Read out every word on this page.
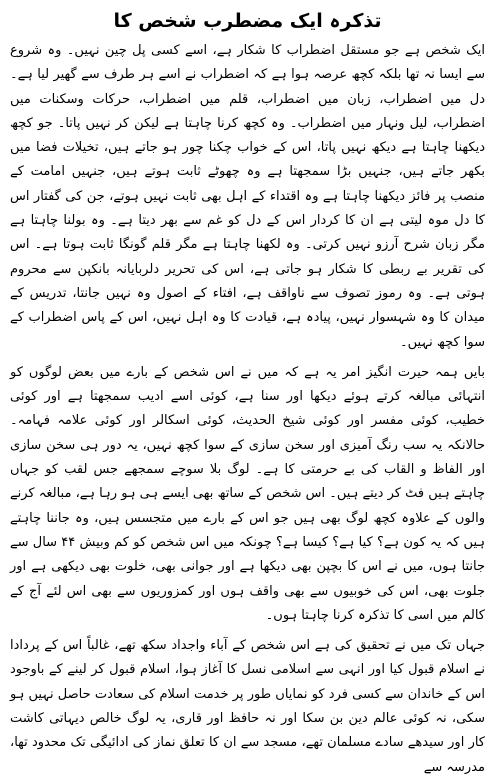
تذکرہ ایک مضطرب شخص کا

ایک شخص ہے جو مستقل اضطراب کا شکار ہے، اسے کسی پل چین نہیں۔ وہ شروع سے ایسا نہ تھا بلکہ کچھ عرصہ ہوا ہے کہ اضطراب نے اسے ہر طرف سے گھیر لیا ہے۔ دل میں اضطراب، زبان میں اضطراب، قلم میں اضطراب، حرکات وسکنات میں اضطراب، لیل ونہار میں اضطراب۔ وہ کچھ کرنا چاہتا ہے لیکن کر نہیں پاتا۔ جو کچھ دیکھنا چاہتا ہے دیکھ نہیں پاتا، اس کے خواب چکنا چور ہو جاتے ہیں، تخیلات فضا میں بکھر جاتے ہیں، جنہیں بڑا سمجھتا ہے وہ چھوٹے ثابت ہوتے ہیں، جنہیں امامت کے منصب پر فائز دیکھنا چاہتا ہے وہ اقتداء کے اہل بھی ثابت نہیں ہوتے، جن کی گفتار اس کا دل موہ لیتی ہے ان کا کردار اس کے دل کو غم سے بھر دیتا ہے۔ وہ بولنا چاہتا ہے مگر زبان شرح آرزو نہیں کرتی۔ وہ لکھنا چاہتا ہے مگر قلم گونگا ثابت ہوتا ہے۔ اس کی تقریر بے ربطی کا شکار ہو جاتی ہے، اس کی تحریر دلربایانہ بانکپن سے محروم ہوتی ہے۔ وہ رموز تصوف سے ناواقف ہے، افتاء کے اصول وہ نہیں جانتا، تدریس کے میدان کا وہ شہسوار نہیں، پیادہ ہے، قیادت کا وہ اہل نہیں، اس کے پاس اضطراب کے سوا کچھ نہیں۔

بایں ہمہ حیرت انگیز امر یہ ہے کہ میں نے اس شخص کے بارے میں بعض لوگوں کو انتہائی مبالغہ کرتے ہوئے دیکھا اور سنا ہے، کوئی اسے ادیب سمجھتا ہے اور کوئی خطیب، کوئی مفسر اور کوئی شیخ الحدیث، کوئی اسکالر اور کوئی علامہ فہامہ۔ حالانکہ یہ سب رنگ آمیزی اور سخن سازی کے سوا کچھ نہیں، یہ دور ہی سخن سازی اور الفاظ و القاب کی بے حرمتی کا ہے۔ لوگ بلا سوچے سمجھے جس لقب کو جہاں چاہتے ہیں فٹ کر دیتے ہیں۔ اس شخص کے ساتھ بھی ایسے ہی ہو رہا ہے، مبالغہ کرنے والوں کے علاوہ کچھ لوگ بھی ہیں جو اس کے بارے میں متجسس ہیں، وہ جاننا چاہتے ہیں کہ یہ کون ہے؟ کیا ہے؟ کیسا ہے؟ چونکہ میں اس شخص کو کم وبیش ۴۴ سال سے جانتا ہوں، میں نے اس کا بچپن بھی دیکھا ہے اور جوانی بھی، خلوت بھی دیکھی ہے اور جلوت بھی، اس کی خوبیوں سے بھی واقف ہوں اور کمزوریوں سے بھی اس لئے آج کے کالم میں اسی کا تذکرہ کرنا چاہتا ہوں۔

جہاں تک میں نے تحقیق کی ہے اس شخص کے آباء واجداد سکھ تھے، غالباً اس کے پردادا نے اسلام قبول کیا اور انہی سے اسلامی نسل کا آغاز ہوا، اسلام قبول کر لینے کے باوجود اس کے خاندان سے کسی فرد کو نمایاں طور پر خدمت اسلام کی سعادت حاصل نہیں ہو سکی، نہ کوئی عالم دین بن سکا اور نہ حافظ اور قاری، یہ لوگ خالص دیہاتی کاشت کار اور سیدھے سادے مسلمان تھے، مسجد سے ان کا تعلق نماز کی ادائیگی تک محدود تھا، مدرسہ سے
